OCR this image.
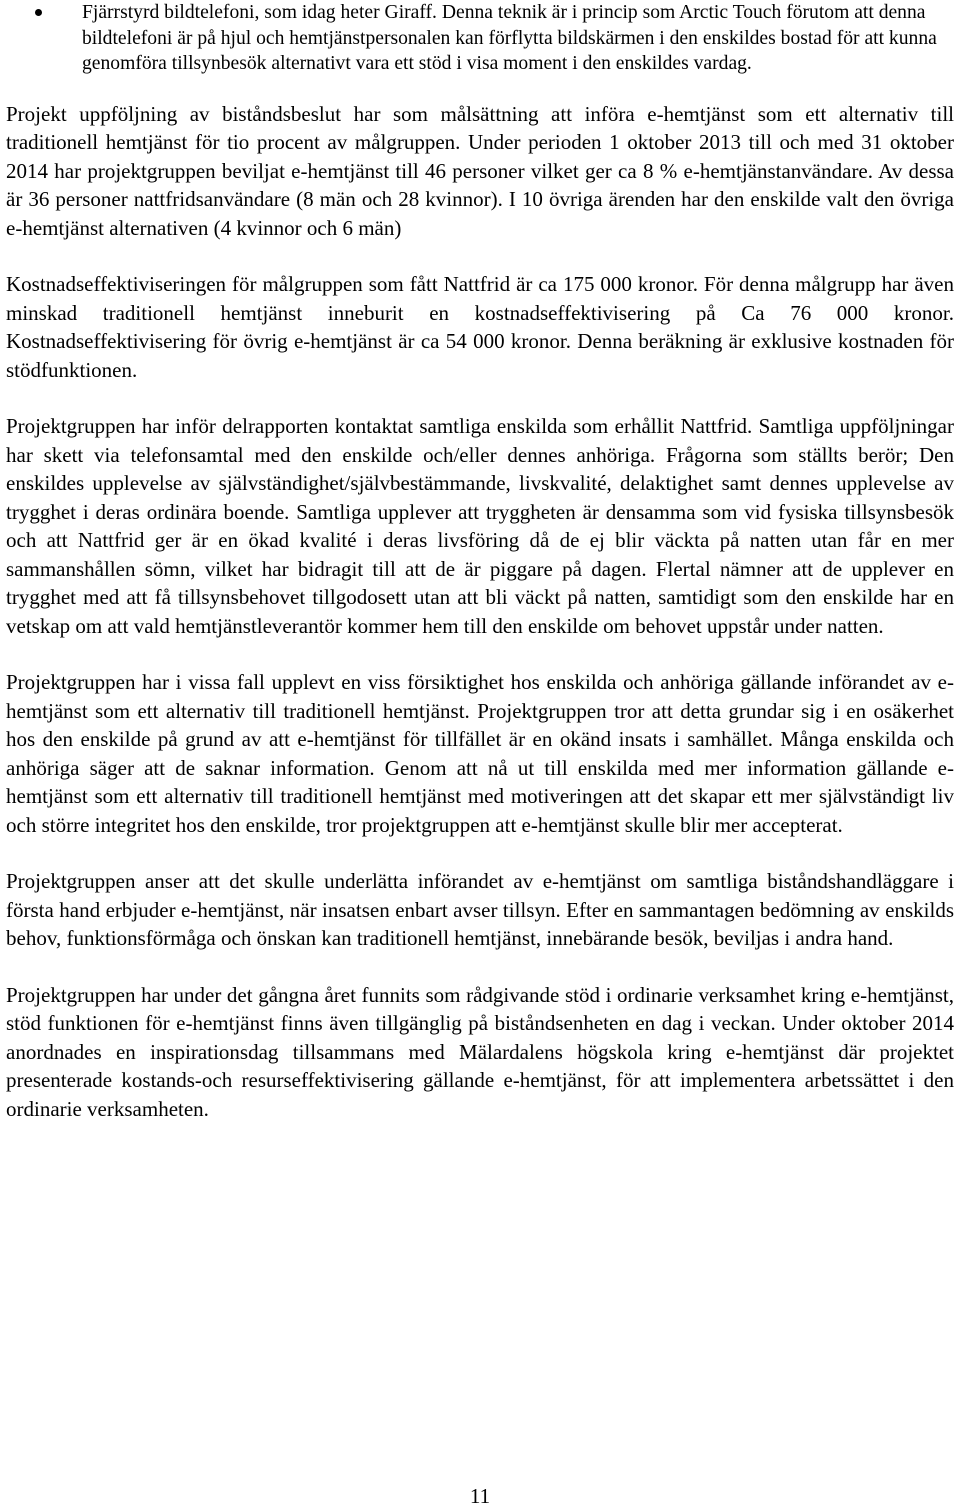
Fjärrstyrd bildtelefoni, som idag heter Giraff. Denna teknik är i princip som Arctic Touch förutom att denna bildtelefoni är på hjul och hemtjänstpersonalen kan förflytta bildskärmen i den enskildes bostad för att kunna genomföra tillsynbesök alternativt vara ett stöd i visa moment i den enskildes vardag.

Projekt uppföljning av biståndsbeslut har som målsättning att införa e-hemtjänst som ett alternativ till traditionell hemtjänst för tio procent av målgruppen. Under perioden 1 oktober 2013 till och med 31 oktober 2014 har projektgruppen beviljat e-hemtjänst till 46 personer vilket ger ca 8 % e-hemtjänstanvändare. Av dessa är 36 personer nattfridsanvändare (8 män och 28 kvinnor). I 10 övriga ärenden har den enskilde valt den övriga e-hemtjänst alternativen (4 kvinnor och 6 män)

Kostnadseffektiviseringen för målgruppen som fått Nattfrid är ca 175 000 kronor. För denna målgrupp har även minskad traditionell hemtjänst inneburit en kostnadseffektivisering på Ca 76 000 kronor. Kostnadseffektivisering för övrig e-hemtjänst är ca 54 000 kronor. Denna beräkning är exklusive kostnaden för stödfunktionen.

Projektgruppen har inför delrapporten kontaktat samtliga enskilda som erhållit Nattfrid. Samtliga uppföljningar har skett via telefonsamtal med den enskilde och/eller dennes anhöriga. Frågorna som ställts berör; Den enskildes upplevelse av självständighet/självbestämmande, livskvalité, delaktighet samt dennes upplevelse av trygghet i deras ordinära boende. Samtliga upplever att tryggheten är densamma som vid fysiska tillsynsbesök och att Nattfrid ger är en ökad kvalité i deras livsföring då de ej blir väckta på natten utan får en mer sammanshållen sömn, vilket har bidragit till att de är piggare på dagen. Flertal nämner att de upplever en trygghet med att få tillsynsbehovet tillgodosett utan att bli väckt på natten, samtidigt som den enskilde har en vetskap om att vald hemtjänstleverantör kommer hem till den enskilde om behovet uppstår under natten.

Projektgruppen har i vissa fall upplevt en viss försiktighet hos enskilda och anhöriga gällande införandet av e-hemtjänst som ett alternativ till traditionell hemtjänst. Projektgruppen tror att detta grundar sig i en osäkerhet hos den enskilde på grund av att e-hemtjänst för tillfället är en okänd insats i samhället. Många enskilda och anhöriga säger att de saknar information. Genom att nå ut till enskilda med mer information gällande e-hemtjänst som ett alternativ till traditionell hemtjänst med motiveringen att det skapar ett mer självständigt liv och större integritet hos den enskilde, tror projektgruppen att e-hemtjänst skulle blir mer accepterat.

Projektgruppen anser att det skulle underlätta införandet av e-hemtjänst om samtliga biståndshandläggare i första hand erbjuder e-hemtjänst, när insatsen enbart avser tillsyn. Efter en sammantagen bedömning av enskilds behov, funktionsförmåga och önskan kan traditionell hemtjänst, innebärande besök, beviljas i andra hand.

Projektgruppen har under det gångna året funnits som rådgivande stöd i ordinarie verksamhet kring e-hemtjänst, stöd funktionen för e-hemtjänst finns även tillgänglig på biståndsenheten en dag i veckan. Under oktober 2014 anordnades en inspirationsdag tillsammans med Mälardalens högskola kring e-hemtjänst där projektet presenterade kostands-och resurseffektivisering gällande e-hemtjänst, för att implementera arbetssättet i den ordinarie verksamheten.

11
